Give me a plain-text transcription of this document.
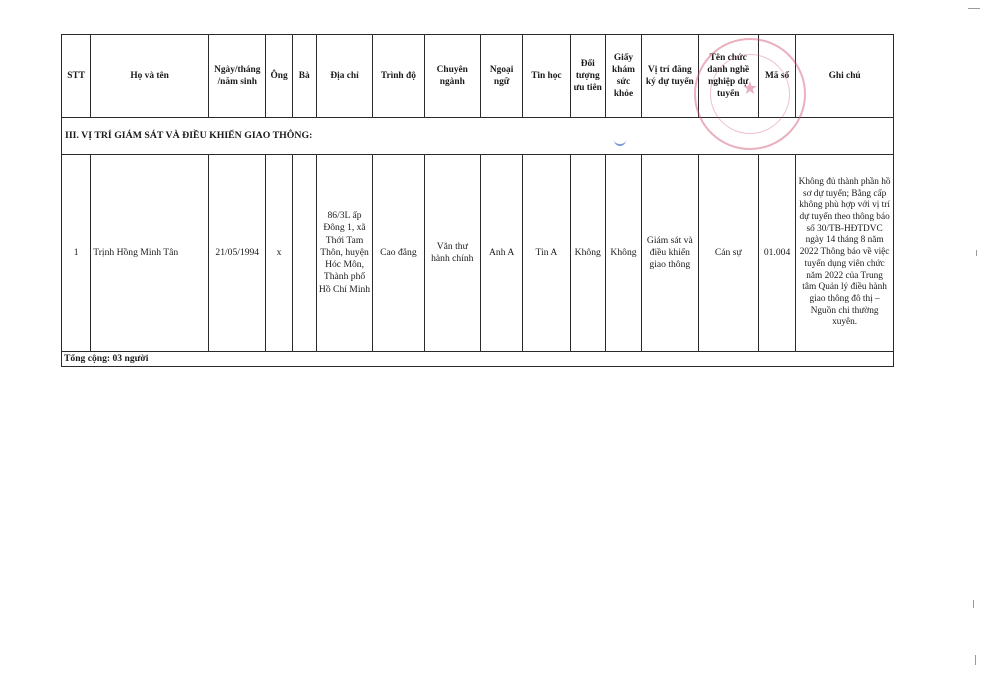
STT	Họ và tên	Ngày/tháng /năm sinh	Ông	Bà	Địa chỉ	Trình độ	Chuyên ngành	Ngoại ngữ	Tin học	Đối tượng ưu tiên	Giấy khám sức khỏe	Vị trí đăng ký dự tuyển	Tên chức danh nghề nghiệp dự tuyển	Mã số	Ghi chú
III. VỊ TRÍ GIÁM SÁT VÀ ĐIỀU KHIỂN GIAO THÔNG:															
1	Trịnh Hồng Minh Tân	21/05/1994	x		86/3L ấp Đông 1, xã Thới Tam Thôn, huyện Hóc Môn, Thành phố Hồ Chí Minh	Cao đẳng	Văn thư hành chính	Anh A	Tin A	Không	Không	Giám sát và điều khiển giao thông	Cán sự	01.004	Không đủ thành phần hồ sơ dự tuyển; Bằng cấp không phù hợp với vị trí dự tuyển theo thông báo số 30/TB-HĐTDVC ngày 14 tháng 8 năm 2022 Thông báo về việc tuyển dụng viên chức năm 2022 của Trung tâm Quản lý điều hành giao thông đô thị – Nguồn chi thường xuyên.
Tổng cộng: 03 người															
★
